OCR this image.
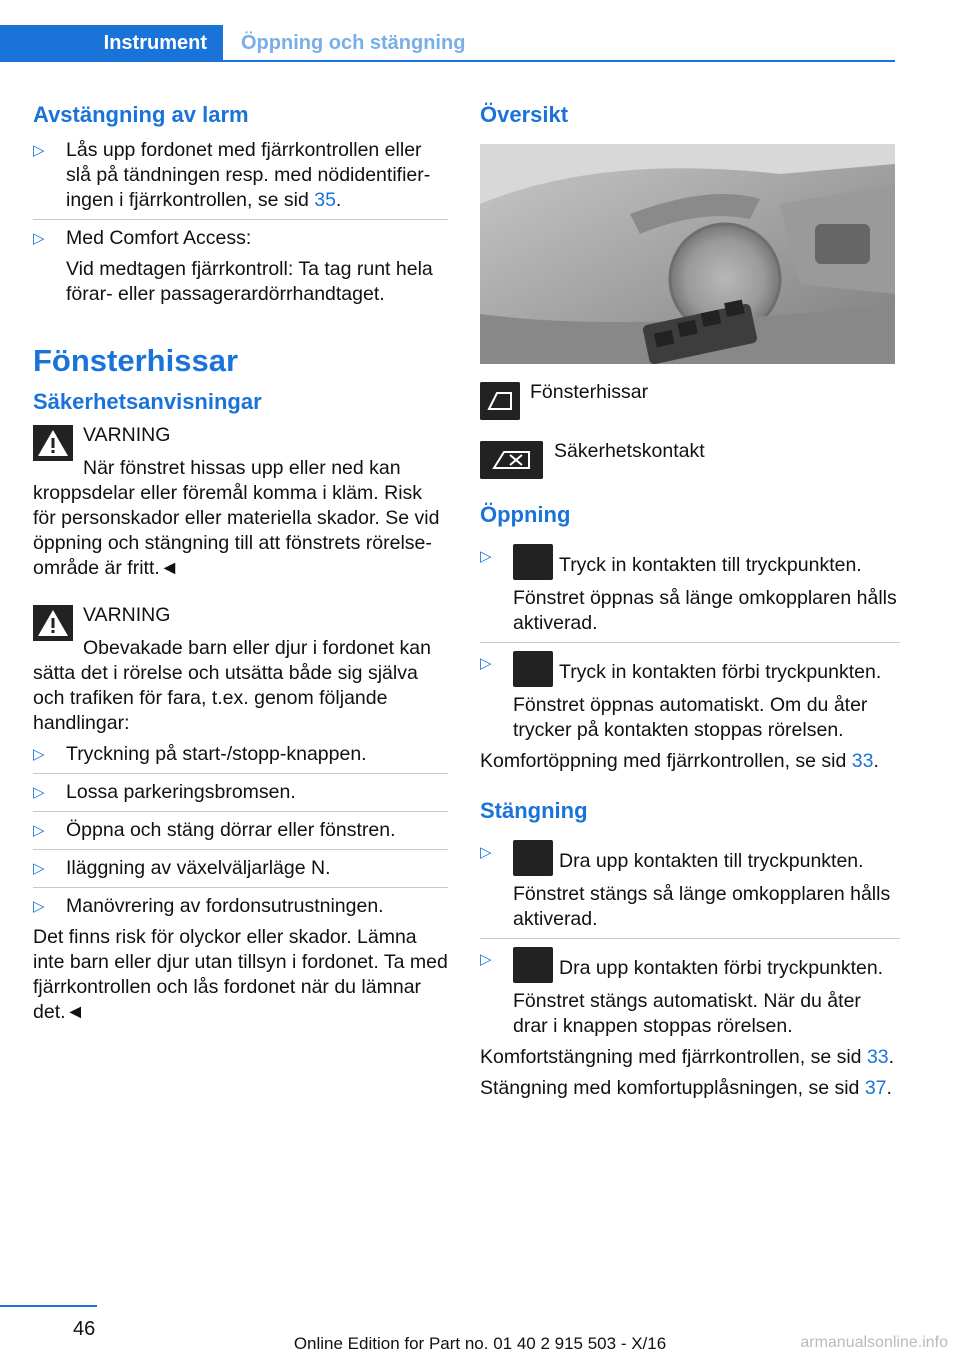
Instrument	Öppning och stängning
Avstängning av larm
▷ Lås upp fordonet med fjärrkontrollen eller slå på tändningen resp. med nödidentifieringen i fjärrkontrollen, se sid 35.
▷ Med Comfort Access:

Vid medtagen fjärrkontroll: Ta tag runt hela förar- eller passagerardörrhandtaget.

Fönsterhissar
Säkerhetsanvisningar

VARNING

När fönstret hissas upp eller ned kan kroppsdelar eller föremål komma i kläm. Risk för personskador eller materiella skador. Se vid öppning och stängning till att fönstrets rörelseområde är fritt.◄

VARNING

Obevakade barn eller djur i fordonet kan sätta det i rörelse och utsätta både sig själva och trafiken för fara, t.ex. genom följande handlingar:

▷ Tryckning på start-/stopp-knappen.
▷ Lossa parkeringsbromsen.
▷ Öppna och stäng dörrar eller fönstren.
▷ Iläggning av växelväljarläge N.
▷ Manövrering av fordonsutrustningen.

Det finns risk för olyckor eller skador. Lämna inte barn eller djur utan tillsyn i fordonet. Ta med fjärrkontrollen och lås fordonet när du lämnar det.◄

Översikt
Fönsterhissar
Säkerhetskontakt
Öppning
▷	Tryck in kontakten till tryckpunkten.

Fönstret öppnas så länge omkopplaren hålls aktiverad.

▷	Tryck in kontakten förbi tryckpunkten.

Fönstret öppnas automatiskt. Om du åter trycker på kontakten stoppas rörelsen.

Komfortöppning med fjärrkontrollen, se sid 33.

Stängning
▷	Dra upp kontakten till tryckpunkten.

Fönstret stängs så länge omkopplaren hålls aktiverad.

▷	Dra upp kontakten förbi tryckpunkten.

Fönstret stängs automatiskt. När du åter drar i knappen stoppas rörelsen.

Komfortstängning med fjärrkontrollen, se sid 33.

Stängning med komfortupplåsningen, se sid 37.

46
Online Edition for Part no. 01 40 2 915 503 - X/16	armanualsonline.info
